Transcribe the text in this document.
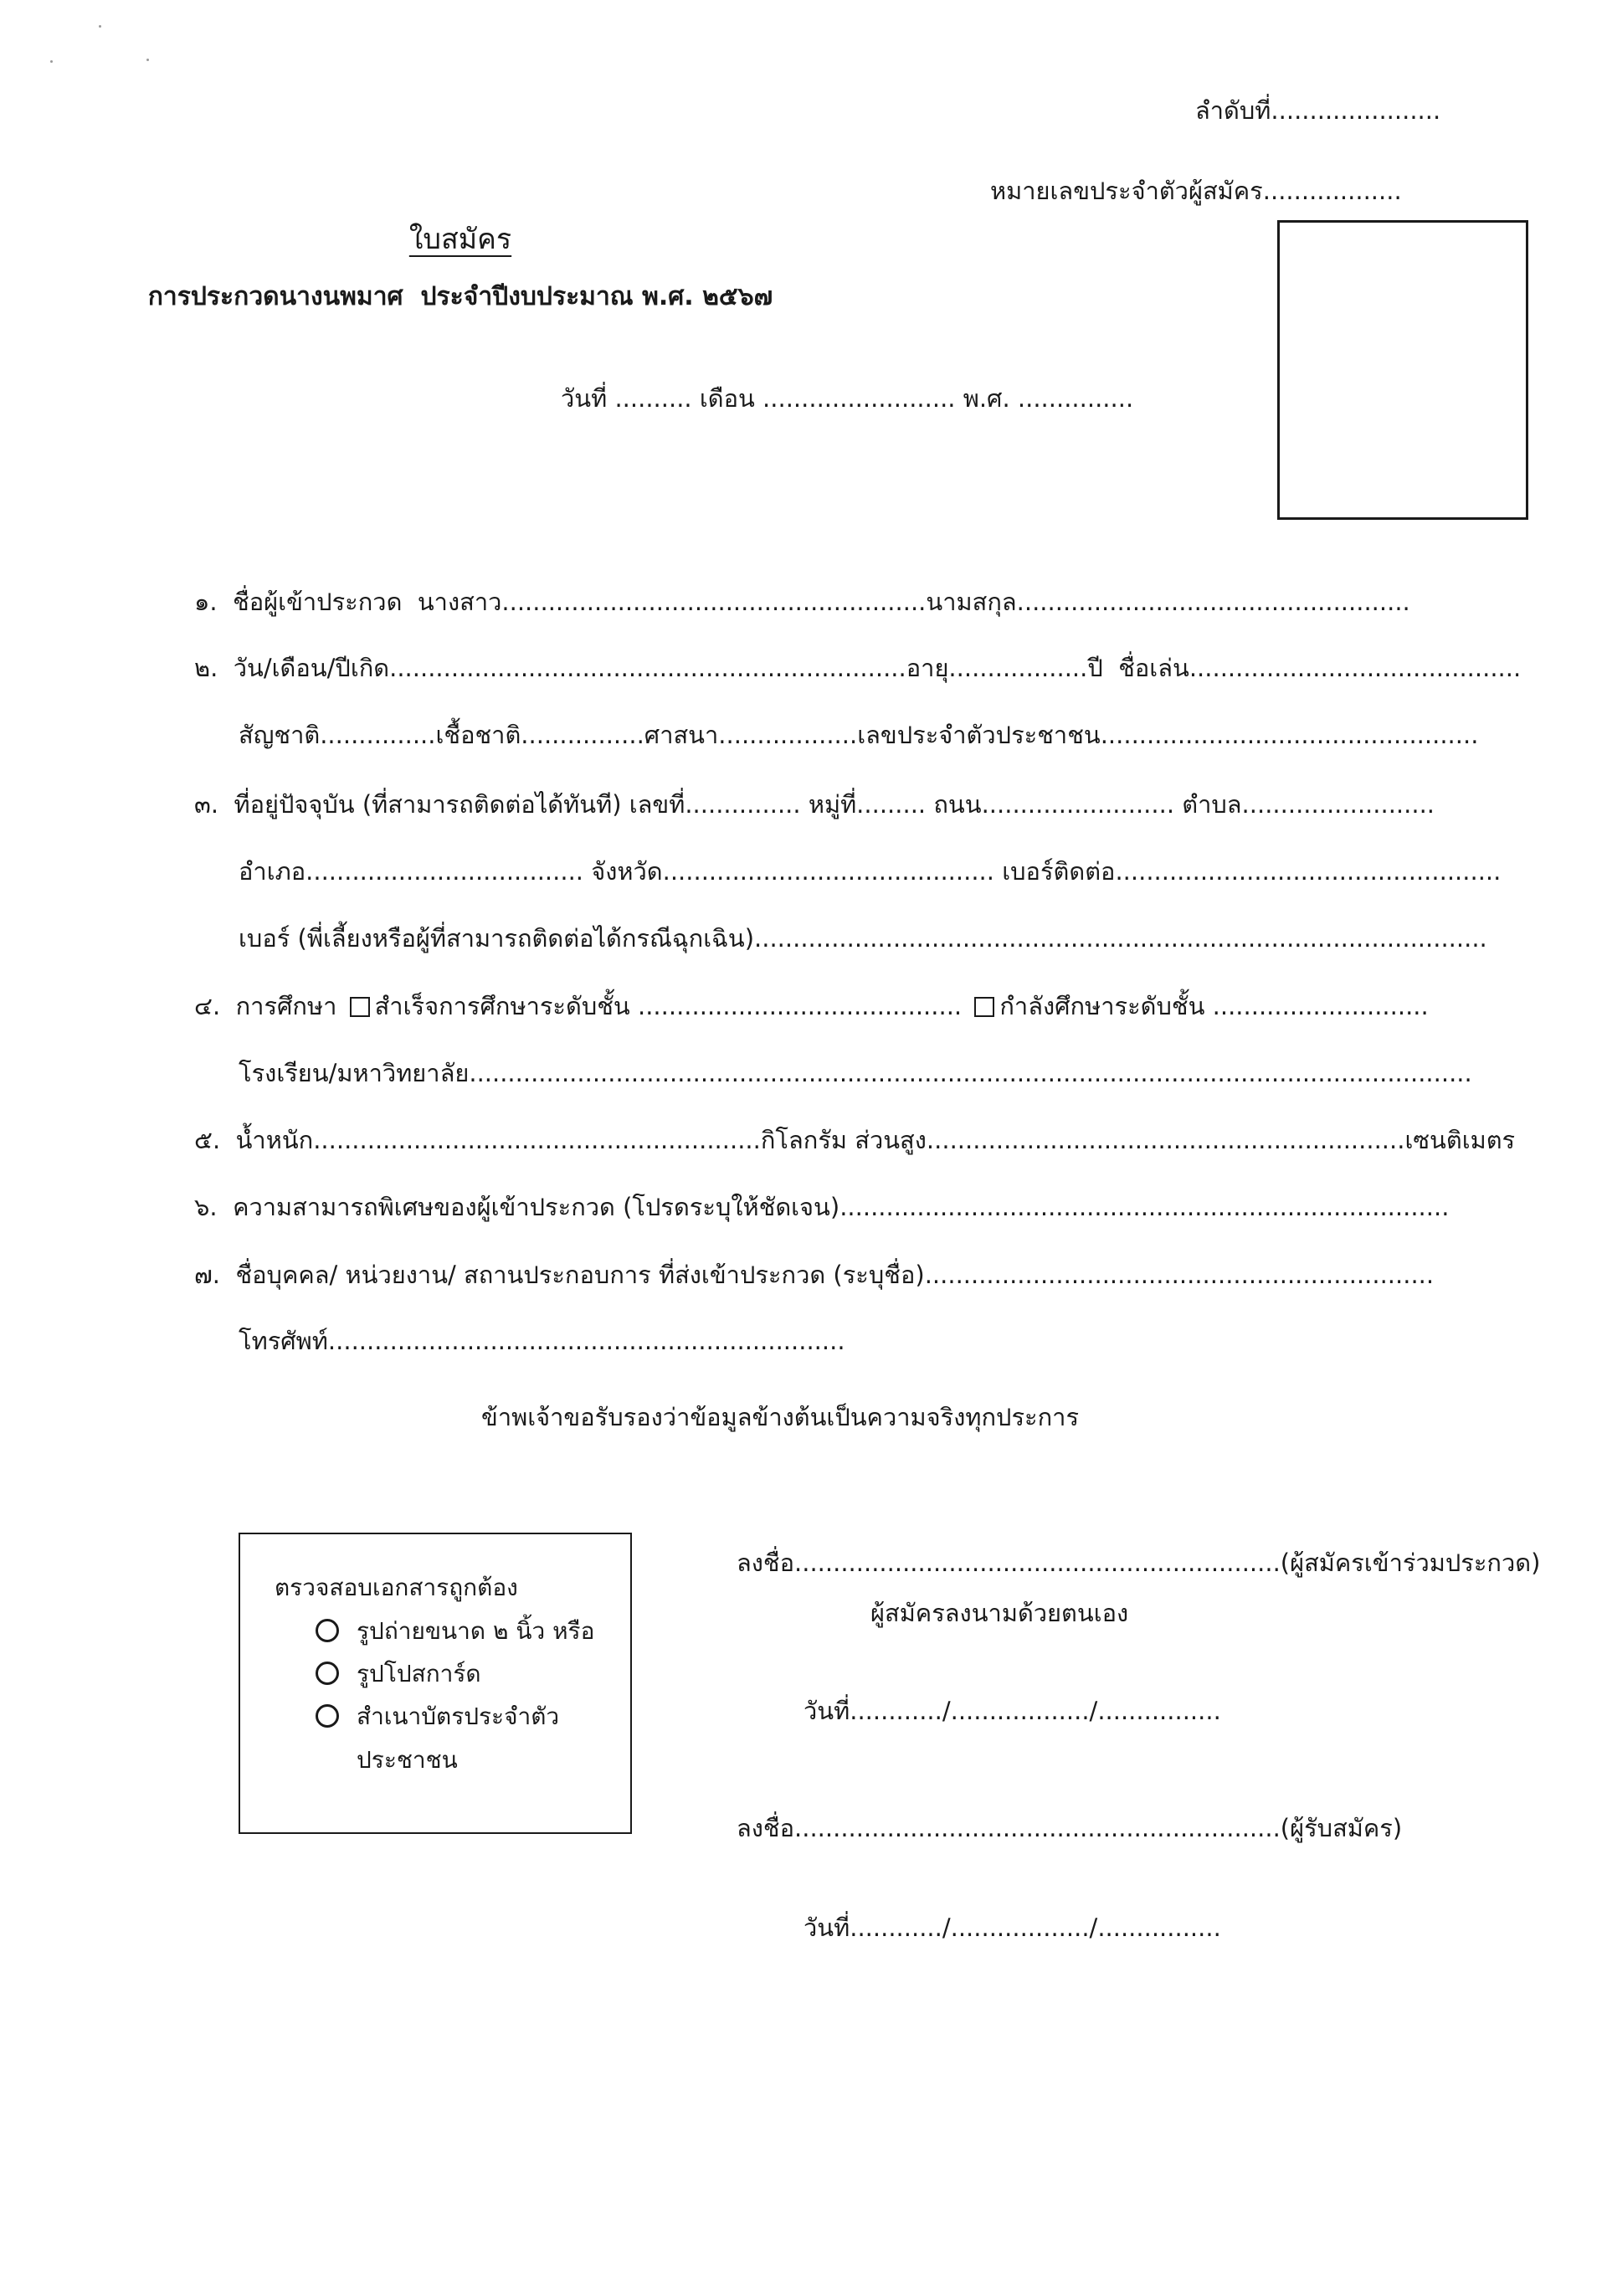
ลำดับที่......................
หมายเลขประจำตัวผู้สมัคร..................
ใบสมัคร
การประกวดนางนพมาศ  ประจำปีงบประมาณ พ.ศ. ๒๕๖๗
วันที่ .......... เดือน ......................... พ.ศ. ...............
๑.  ชื่อผู้เข้าประกวด  นางสาว.......................................................นามสกุล...................................................
๒.  วัน/เดือน/ปีเกิด...................................................................อายุ..................ปี  ชื่อเล่น...........................................
สัญชาติ...............เชื้อชาติ................ศาสนา..................เลขประจำตัวประชาชน.................................................
๓.  ที่อยู่ปัจจุบัน (ที่สามารถติดต่อได้ทันที) เลขที่............... หมู่ที่......... ถนน......................... ตำบล.........................
อำเภอ.................................... จังหวัด........................................... เบอร์ติดต่อ..................................................
เบอร์ (พี่เลี้ยงหรือผู้ที่สามารถติดต่อได้กรณีฉุกเฉิน)...............................................................................................
๔.  การศึกษา สำเร็จการศึกษาระดับชั้น .......................................... กำลังศึกษาระดับชั้น ............................
โรงเรียน/มหาวิทยาลัย..................................................................................................................................
๕.  น้ำหนัก..........................................................กิโลกรัม ส่วนสูง..............................................................เซนติเมตร
๖.  ความสามารถพิเศษของผู้เข้าประกวด (โปรดระบุให้ชัดเจน)...............................................................................
๗.  ชื่อบุคคล/ หน่วยงาน/ สถานประกอบการ ที่ส่งเข้าประกวด (ระบุชื่อ)..................................................................
โทรศัพท์...................................................................
ข้าพเจ้าขอรับรองว่าข้อมูลข้างต้นเป็นความจริงทุกประการ
ตรวจสอบเอกสารถูกต้อง
รูปถ่ายขนาด ๒ นิ้ว หรือ
รูปโปสการ์ด
สำเนาบัตรประจำตัว
ประชาชน
ลงชื่อ...............................................................(ผู้สมัครเข้าร่วมประกวด)
ผู้สมัครลงนามด้วยตนเอง
วันที่............/................../................
ลงชื่อ...............................................................(ผู้รับสมัคร)
วันที่............/................../................
